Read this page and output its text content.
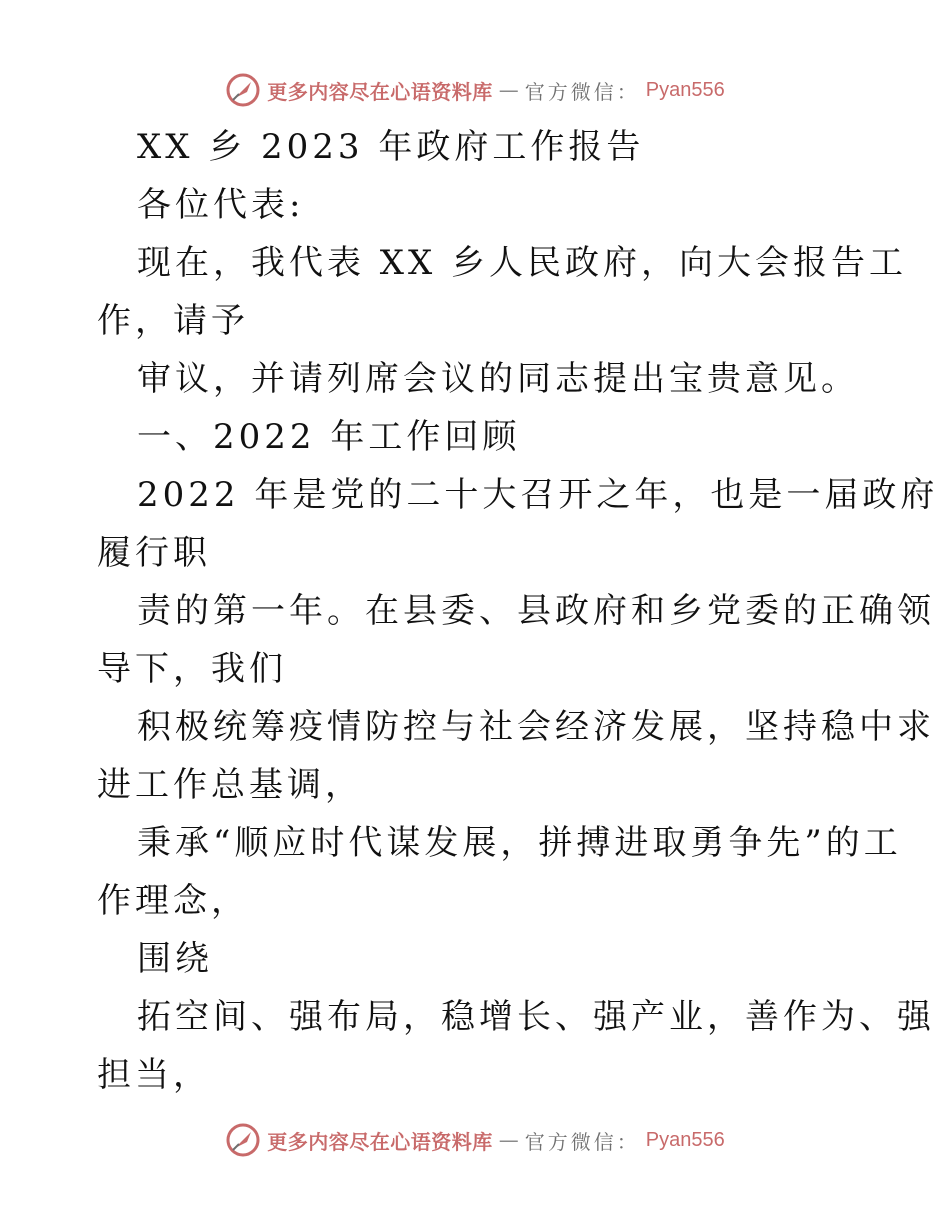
更多内容尽在心语资料库 — 官方微信： Pyan556
XX 乡 2023 年政府工作报告
各位代表:
现在，我代表 XX 乡人民政府，向大会报告工
作，请予
审议，并请列席会议的同志提出宝贵意见。
一、2022 年工作回顾
2022 年是党的二十大召开之年，也是一届政府
履行职
责的第一年。在县委、县政府和乡党委的正确领
导下，我们
积极统筹疫情防控与社会经济发展，坚持稳中求
进工作总基调，
秉承“顺应时代谋发展，拼搏进取勇争先”的工
作理念，
围绕
拓空间、强布局，稳增长、强产业，善作为、强
担当，
更多内容尽在心语资料库 — 官方微信： Pyan556
